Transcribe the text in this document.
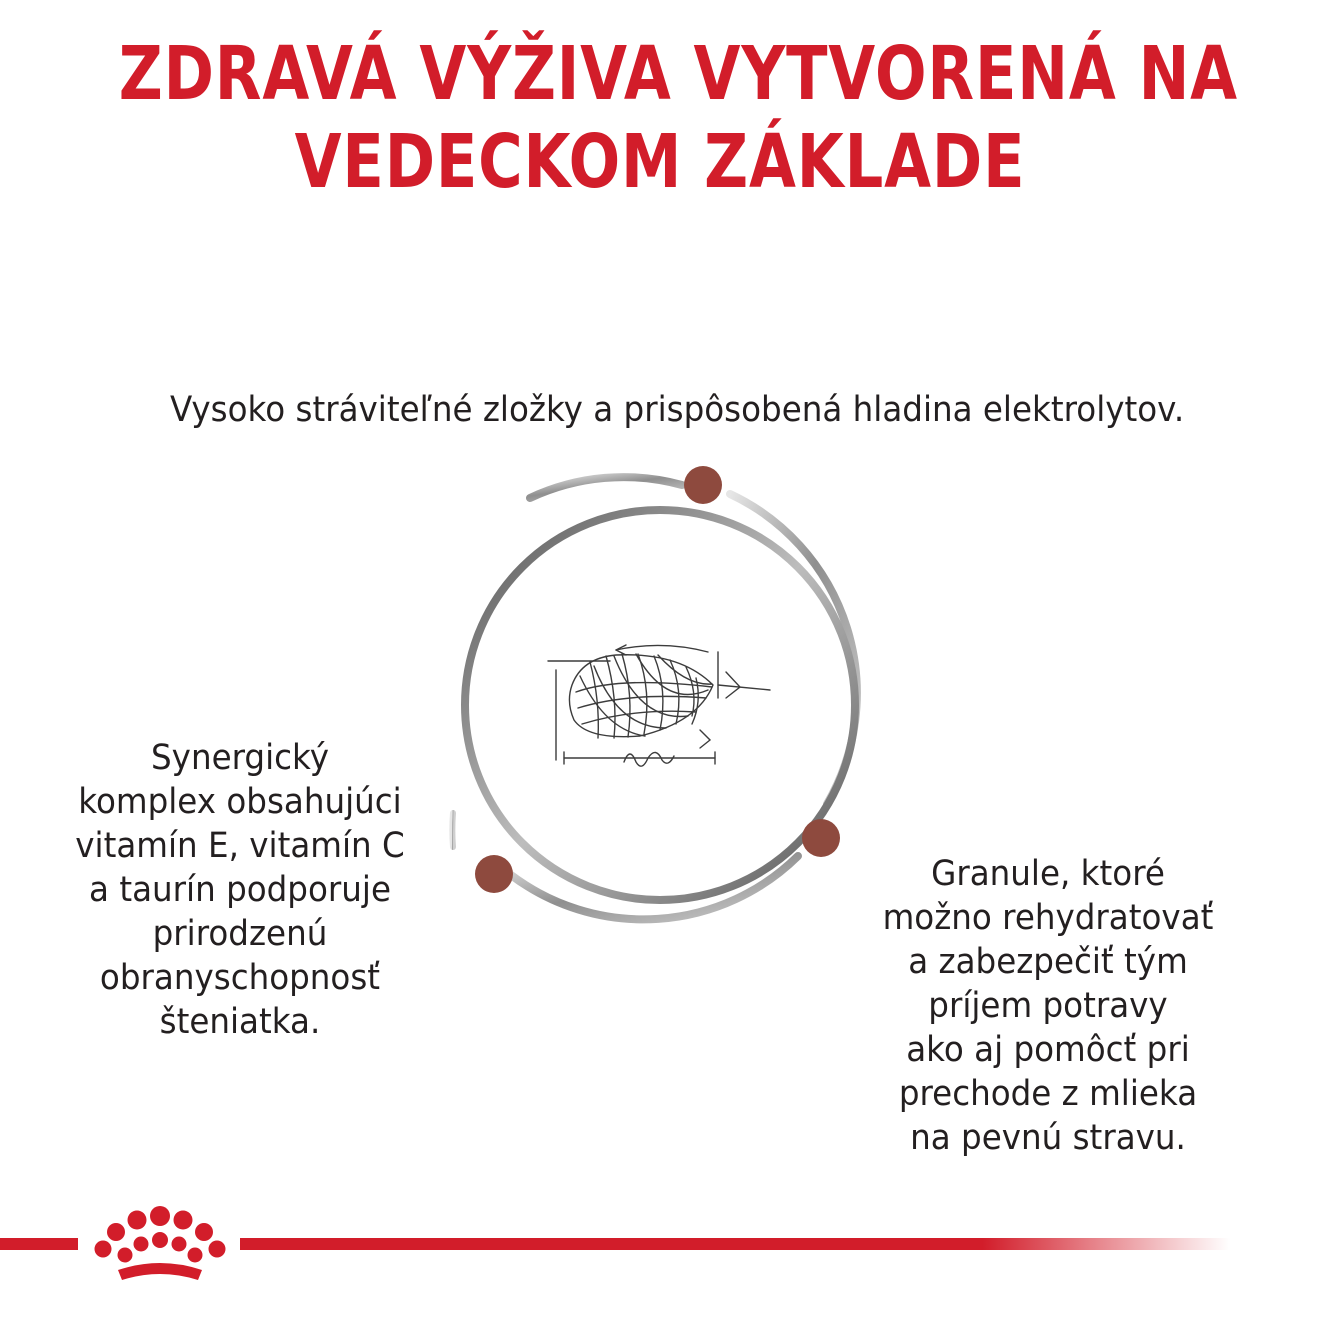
ZDRAVÁ VÝŽIVA VYTVORENÁ NA
VEDECKOM ZÁKLADE
Vysoko stráviteľné zložky a prispôsobená hladina elektrolytov.
Synergický
komplex obsahujúci
vitamín E, vitamín C
a taurín podporuje
prirodzenú
obranyschopnosť
šteniatka.
Granule, ktoré
možno rehydratovať
a zabezpečiť tým
príjem potravy
ako aj pomôcť pri
prechode z mlieka
na pevnú stravu.
